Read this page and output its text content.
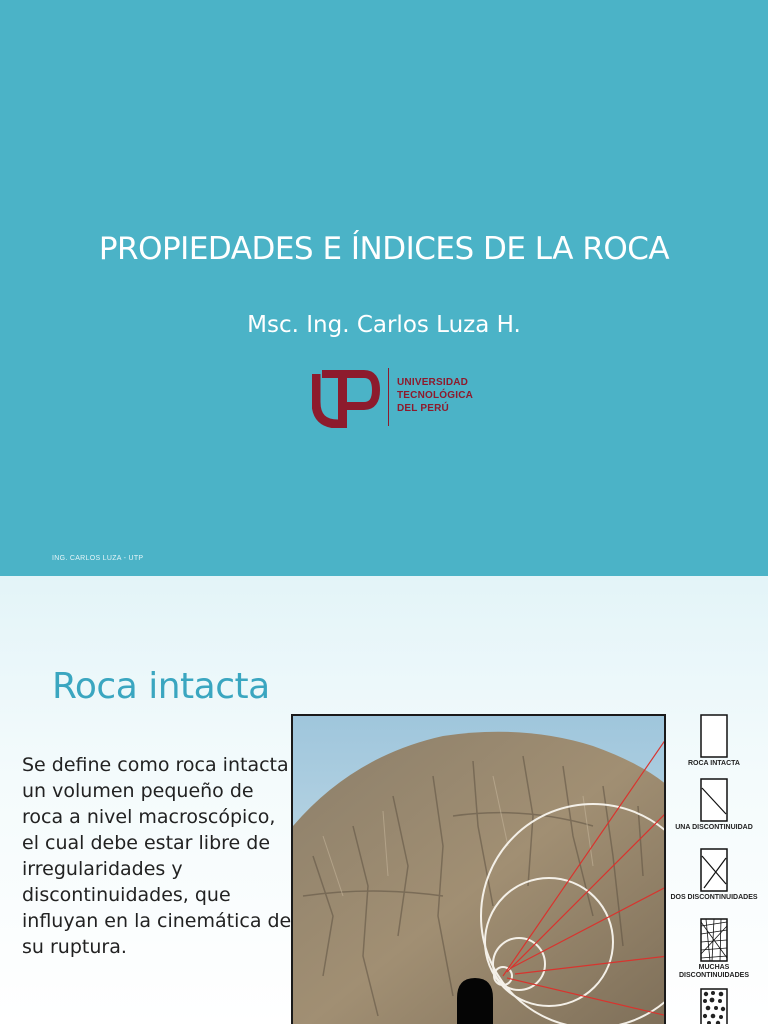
PROPIEDADES E ÍNDICES DE LA ROCA
Msc. Ing. Carlos Luza H.
UNIVERSIDAD
TECNOLÓGICA
DEL PERÚ
ING. CARLOS LUZA - UTP
Roca intacta
Se define como roca intacta un volumen pequeño de roca a nivel macroscópico, el cual debe estar libre de irregularidades y discontinuidades, que influyan en la cinemática de su ruptura.
ROCA INTACTA
UNA DISCONTINUIDAD
DOS DISCONTINUIDADES
MUCHAS DISCONTINUIDADES
